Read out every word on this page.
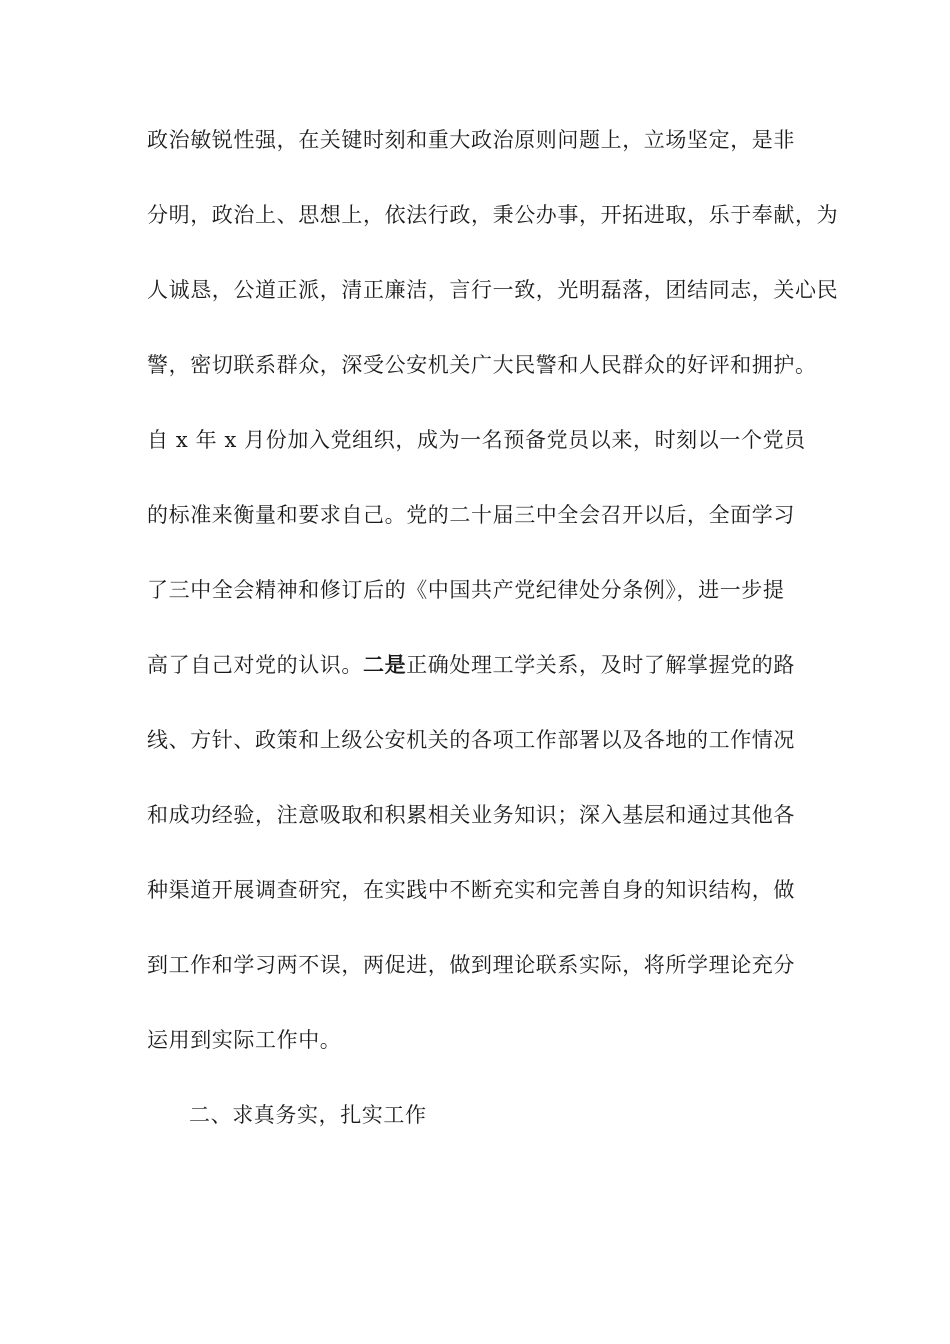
政治敏锐性强，在关键时刻和重大政治原则问题上，立场坚定，是非
分明，政治上、思想上，依法行政，秉公办事，开拓进取，乐于奉献，为
人诚恳，公道正派，清正廉洁，言行一致，光明磊落，团结同志，关心民
警，密切联系群众，深受公安机关广大民警和人民群众的好评和拥护。
自 x 年 x 月份加入党组织，成为一名预备党员以来，时刻以一个党员
的标准来衡量和要求自己。党的二十届三中全会召开以后，全面学习
了三中全会精神和修订后的《中国共产党纪律处分条例》，进一步提
高了自己对党的认识。二是正确处理工学关系，及时了解掌握党的路
线、方针、政策和上级公安机关的各项工作部署以及各地的工作情况
和成功经验，注意吸取和积累相关业务知识；深入基层和通过其他各
种渠道开展调查研究，在实践中不断充实和完善自身的知识结构，做
到工作和学习两不误，两促进，做到理论联系实际，将所学理论充分
运用到实际工作中。
二、求真务实，扎实工作
